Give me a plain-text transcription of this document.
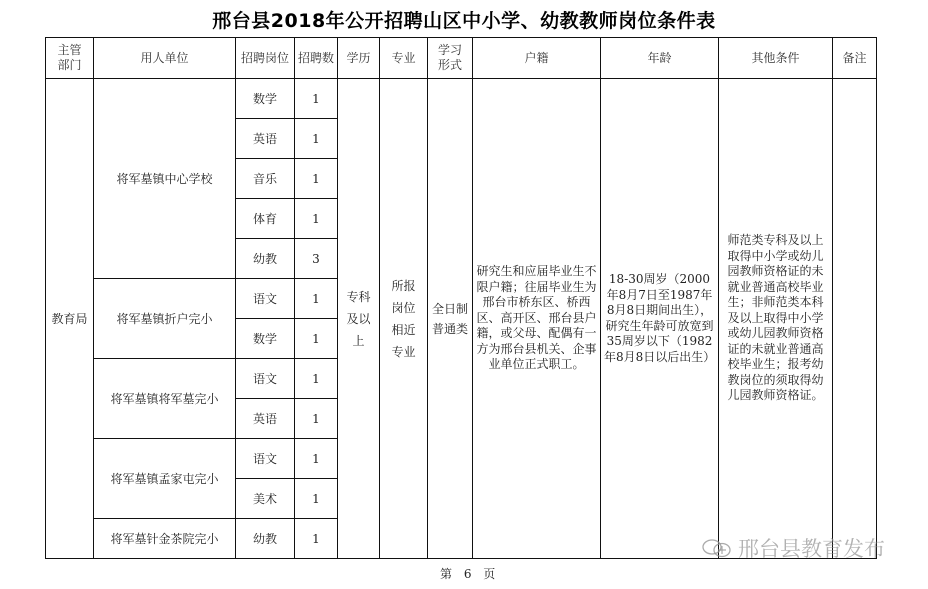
邢台县2018年公开招聘山区中小学、幼教教师岗位条件表
主管部门	用人单位	招聘岗位	招聘数	学历	专业	学习形式	户籍	年龄	其他条件	备注
教育局	将军墓镇中心学校	数学	1	专科及以上	所报岗位相近专业	全日制普通类	研究生和应届毕业生不限户籍；往届毕业生为邢台市桥东区、桥西区、高开区、邢台县户籍，或父母、配偶有一方为邢台县机关、企事业单位正式职工。	18-30周岁（2000年8月7日至1987年8月8日期间出生），研究生年龄可放宽到35周岁以下（1982年8月8日以后出生）	师范类专科及以上取得中小学或幼儿园教师资格证的未就业普通高校毕业生；非师范类本科及以上取得中小学或幼儿园教师资格证的未就业普通高校毕业生；报考幼教岗位的须取得幼儿园教师资格证。	
		英语	1							
		音乐	1							
		体育	1							
		幼教	3							
	将军墓镇折户完小	语文	1							
		数学	1							
	将军墓镇将军墓完小	语文	1							
		英语	1							
	将军墓镇孟家屯完小	语文	1							
		美术	1							
	将军墓针金茶院完小	幼教	1							
第 6 页
邢台县教育发布
